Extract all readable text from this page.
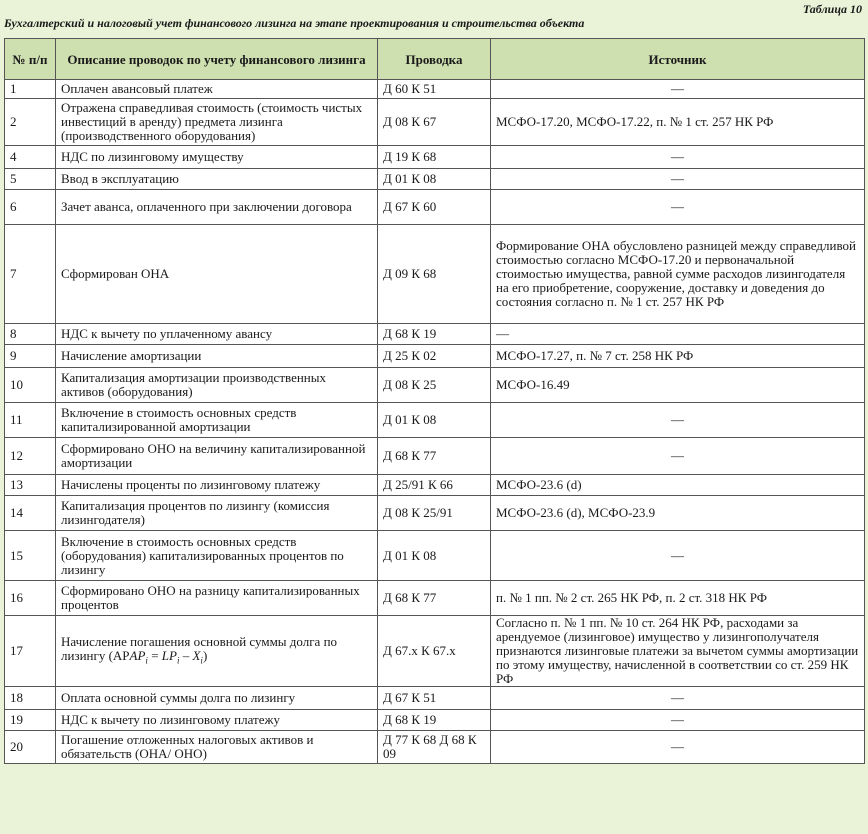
Таблица 10
Бухгалтерский и налоговый учет финансового лизинга на этапе проектирования и строительства объекта
№ п/п	Описание проводок по учету финансового лизинга	Проводка	Источник
1	Оплачен авансовый платеж	Д 60 К 51	—
2	Отражена справедливая стоимость (стоимость чистых инвестиций в аренду) предмета лизинга (производственного оборудования)	Д 08 К 67	МСФО-17.20, МСФО-17.22, п. № 1 ст. 257 НК РФ
4	НДС по лизинговому имуществу	Д 19 К 68	—
5	Ввод в эксплуатацию	Д 01 К 08	—
6	Зачет аванса, оплаченного при заключении договора	Д 67 К 60	—
7	Сформирован ОНА	Д 09 К 68	Формирование ОНА обусловлено разницей между справедливой стоимостью согласно МСФО-17.20 и первоначальной стоимостью имущества, равной сумме расходов лизингодателя на его приобретение, сооружение, доставку и доведения до состояния согласно п. № 1 ст. 257 НК РФ
8	НДС к вычету по уплаченному авансу	Д 68 К 19	—
9	Начисление амортизации	Д 25 К 02	МСФО-17.27, п. № 7 ст. 258 НК РФ
10	Капитализация амортизации производственных активов (оборудования)	Д 08 К 25	МСФО-16.49
11	Включение в стоимость основных средств капитализированной амортизации	Д 01 К 08	—
12	Сформировано ОНО на величину капитализированной амортизации	Д 68 К 77	—
13	Начислены проценты по лизинговому платежу	Д 25/91 К 66	МСФО-23.6 (d)
14	Капитализация процентов по лизингу (комиссия лизингодателя)	Д 08 К 25/91	МСФО-23.6 (d), МСФО-23.9
15	Включение в стоимость основных средств (оборудования) капитализированных процентов по лизингу	Д 01 К 08	—
16	Сформировано ОНО на разницу капитализированных процентов	Д 68 К 77	п. № 1 пп. № 2 ст. 265 НК РФ, п. 2 ст. 318 НК РФ
17	Начисление погашения основной суммы долга по лизингу $(APAP_i = LP_i - X_i)$	Д 67.х К 67.х	Согласно п. № 1 пп. № 10 ст. 264 НК РФ, расходами за арендуемое (лизинговое) имущество у лизингополучателя признаются лизинговые платежи за вычетом суммы амортизации по этому имуществу, начисленной в соответствии со ст. 259 НК РФ
18	Оплата основной суммы долга по лизингу	Д 67 К 51	—
19	НДС к вычету по лизинговому платежу	Д 68 К 19	—
20	Погашение отложенных налоговых активов и обязательств (ОНА/ ОНО)	Д 77 К 68 Д 68 К 09	—
